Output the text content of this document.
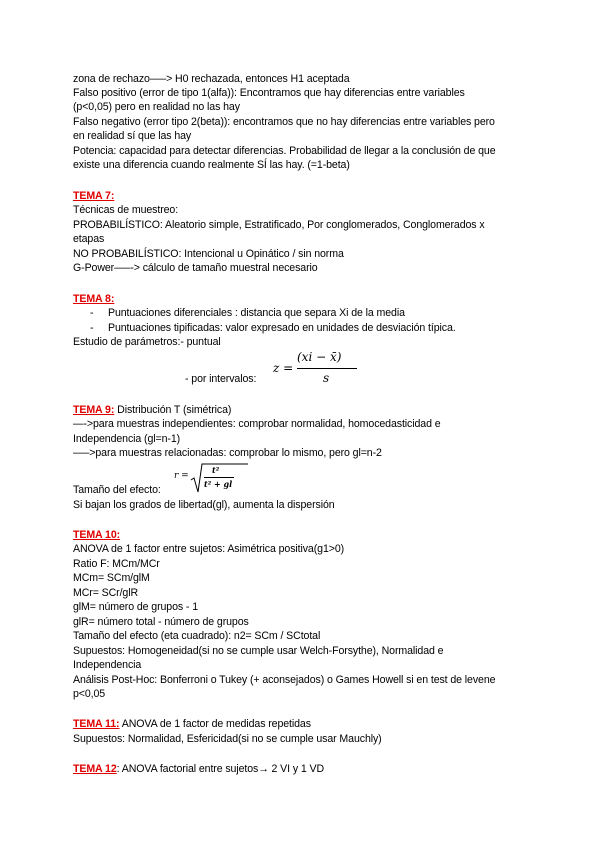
zona de rechazo—–> H0 rechazada, entonces H1 aceptada
Falso positivo (error de tipo 1(alfa)): Encontramos que hay diferencias entre variables
(p<0,05) pero en realidad no las hay
Falso negativo (error tipo 2(beta)): encontramos que no hay diferencias entre variables pero
en realidad sí que las hay
Potencia: capacidad para detectar diferencias. Probabilidad de llegar a la conclusión de que
existe una diferencia cuando realmente SÍ las hay. (=1-beta)
TEMA 7:
Técnicas de muestreo:
PROBABILÍSTICO: Aleatorio simple, Estratificado, Por conglomerados, Conglomerados x
etapas
NO PROBABILÍSTICO: Intencional u Opinático / sin norma
G-Power—–-> cálculo de tamaño muestral necesario
TEMA 8:
- Puntuaciones diferenciales : distancia que separa Xi de la media
- Puntuaciones tipificadas: valor expresado en unidades de desviación típica.
Estudio de parámetros:- puntual
z =
(xi − x̄)
s
- por intervalos:
TEMA 9: Distribución T (simétrica)
—->para muestras independientes: comprobar normalidad, homocedasticidad e
Independencia (gl=n-1)
—–>para muestras relacionadas: comprobar lo mismo, pero gl=n-2
r =
t²
t² + gl
Tamaño del efecto:
Si bajan los grados de libertad(gl), aumenta la dispersión
TEMA 10:
ANOVA de 1 factor entre sujetos: Asimétrica positiva(g1>0)
Ratio F: MCm/MCr
MCm= SCm/glM
MCr= SCr/glR
glM= número de grupos - 1
glR= número total - número de grupos
Tamaño del efecto (eta cuadrado): n2= SCm / SCtotal
Supuestos: Homogeneidad(si no se cumple usar Welch-Forsythe), Normalidad e
Independencia
Análisis Post-Hoc: Bonferroni o Tukey (+ aconsejados) o Games Howell si en test de levene
p<0,05
TEMA 11: ANOVA de 1 factor de medidas repetidas
Supuestos: Normalidad, Esfericidad(si no se cumple usar Mauchly)
TEMA 12: ANOVA factorial entre sujetos→ 2 VI y 1 VD
